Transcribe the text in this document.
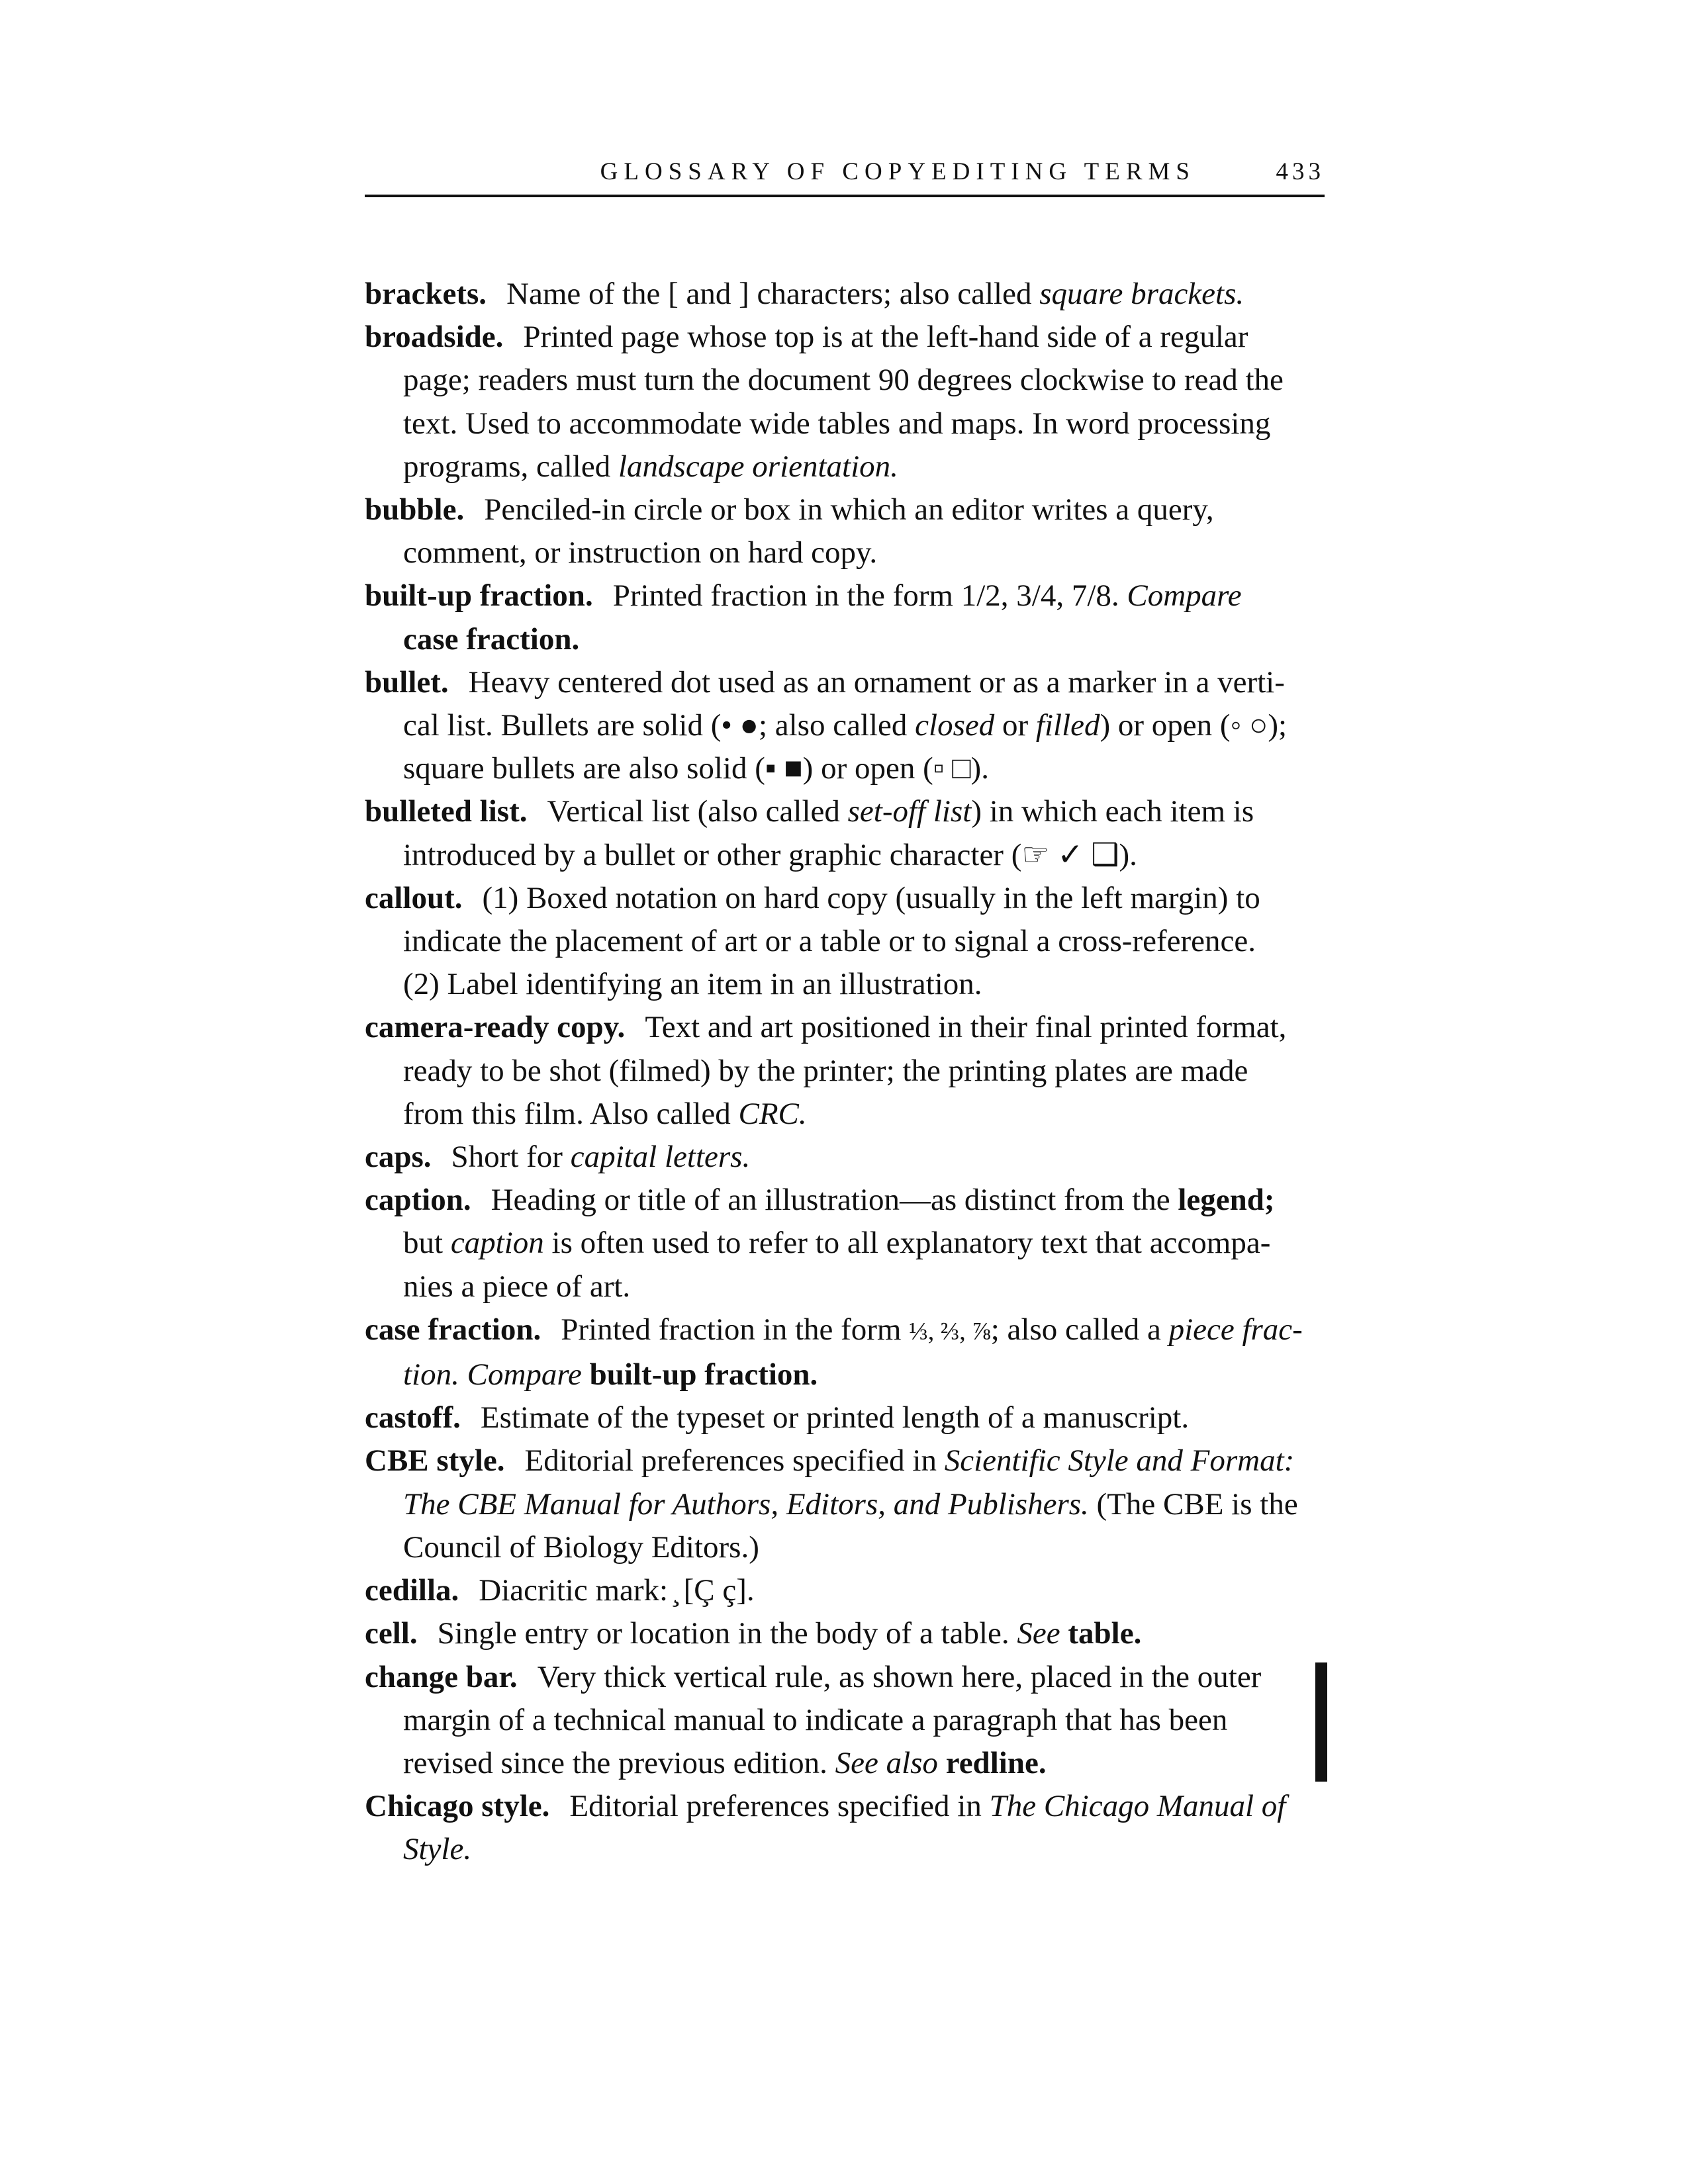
GLOSSARY OF COPYEDITING TERMS	433
brackets. Name of the [ and ] characters; also called square brackets.
broadside. Printed page whose top is at the left-hand side of a regular
page; readers must turn the document 90 degrees clockwise to read the
text. Used to accommodate wide tables and maps. In word processing
programs, called landscape orientation.
bubble. Penciled-in circle or box in which an editor writes a query,
comment, or instruction on hard copy.
built-up fraction. Printed fraction in the form 1/2, 3/4, 7/8. Compare
case fraction.
bullet. Heavy centered dot used as an ornament or as a marker in a verti-
cal list. Bullets are solid (• ●; also called closed or filled) or open (◦ ○);
square bullets are also solid (▪ ■) or open (▫ □).
bulleted list. Vertical list (also called set-off list) in which each item is
introduced by a bullet or other graphic character (☞ ✓ ❑).
callout. (1) Boxed notation on hard copy (usually in the left margin) to
indicate the placement of art or a table or to signal a cross-reference.
(2) Label identifying an item in an illustration.
camera-ready copy. Text and art positioned in their final printed format,
ready to be shot (filmed) by the printer; the printing plates are made
from this film. Also called CRC.
caps. Short for capital letters.
caption. Heading or title of an illustration—as distinct from the legend;
but caption is often used to refer to all explanatory text that accompa-
nies a piece of art.
case fraction. Printed fraction in the form ⅓, ⅔, ⅞; also called a piece frac-
tion. Compare built-up fraction.
castoff. Estimate of the typeset or printed length of a manuscript.
CBE style. Editorial preferences specified in Scientific Style and Format:
The CBE Manual for Authors, Editors, and Publishers. (The CBE is the
Council of Biology Editors.)
cedilla. Diacritic mark: ̧ [Ç ç].
cell. Single entry or location in the body of a table. See table.
change bar. Very thick vertical rule, as shown here, placed in the outer
margin of a technical manual to indicate a paragraph that has been
revised since the previous edition. See also redline.
Chicago style. Editorial preferences specified in The Chicago Manual of
Style.
